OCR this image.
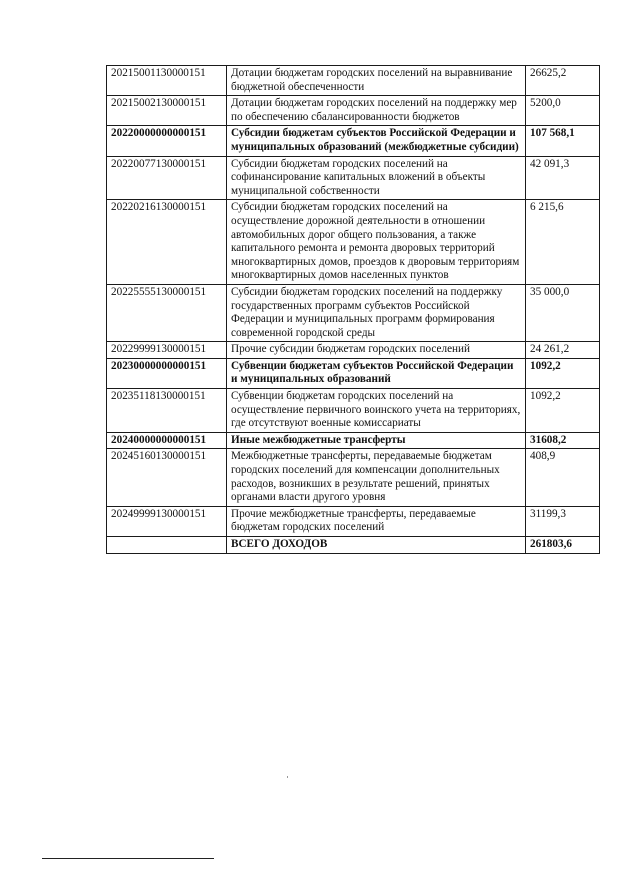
20215001130000151	Дотации бюджетам городских поселений на выравнивание бюджетной обеспеченности	26625,2
20215002130000151	Дотации бюджетам городских поселений на поддержку мер по обеспечению сбалансированности бюджетов	5200,0
20220000000000151	Субсидии бюджетам субъектов Российской Федерации и муниципальных образований (межбюджетные субсидии)	107 568,1
20220077130000151	Субсидии бюджетам городских поселений на софинансирование капитальных вложений в объекты муниципальной собственности	42 091,3
20220216130000151	Субсидии бюджетам городских поселений на осуществление дорожной деятельности в отношении автомобильных дорог общего пользования, а также капитального ремонта и ремонта дворовых территорий многоквартирных домов, проездов к дворовым территориям многоквартирных домов населенных пунктов	6 215,6
20225555130000151	Субсидии бюджетам городских поселений на поддержку государственных программ субъектов Российской Федерации и муниципальных программ формирования современной городской среды	35 000,0
20229999130000151	Прочие субсидии бюджетам городских поселений	24 261,2
20230000000000151	Субвенции бюджетам субъектов Российской Федерации и муниципальных образований	1092,2
20235118130000151	Субвенции бюджетам городских поселений на осуществление первичного воинского учета на территориях, где отсутствуют военные комиссариаты	1092,2
20240000000000151	Иные межбюджетные трансферты	31608,2
20245160130000151	Межбюджетные трансферты, передаваемые бюджетам городских поселений для компенсации дополнительных расходов, возникших в результате решений, принятых органами власти другого уровня	408,9
20249999130000151	Прочие межбюджетные трансферты, передаваемые бюджетам городских поселений	31199,3
	ВСЕГО ДОХОДОВ	261803,6
